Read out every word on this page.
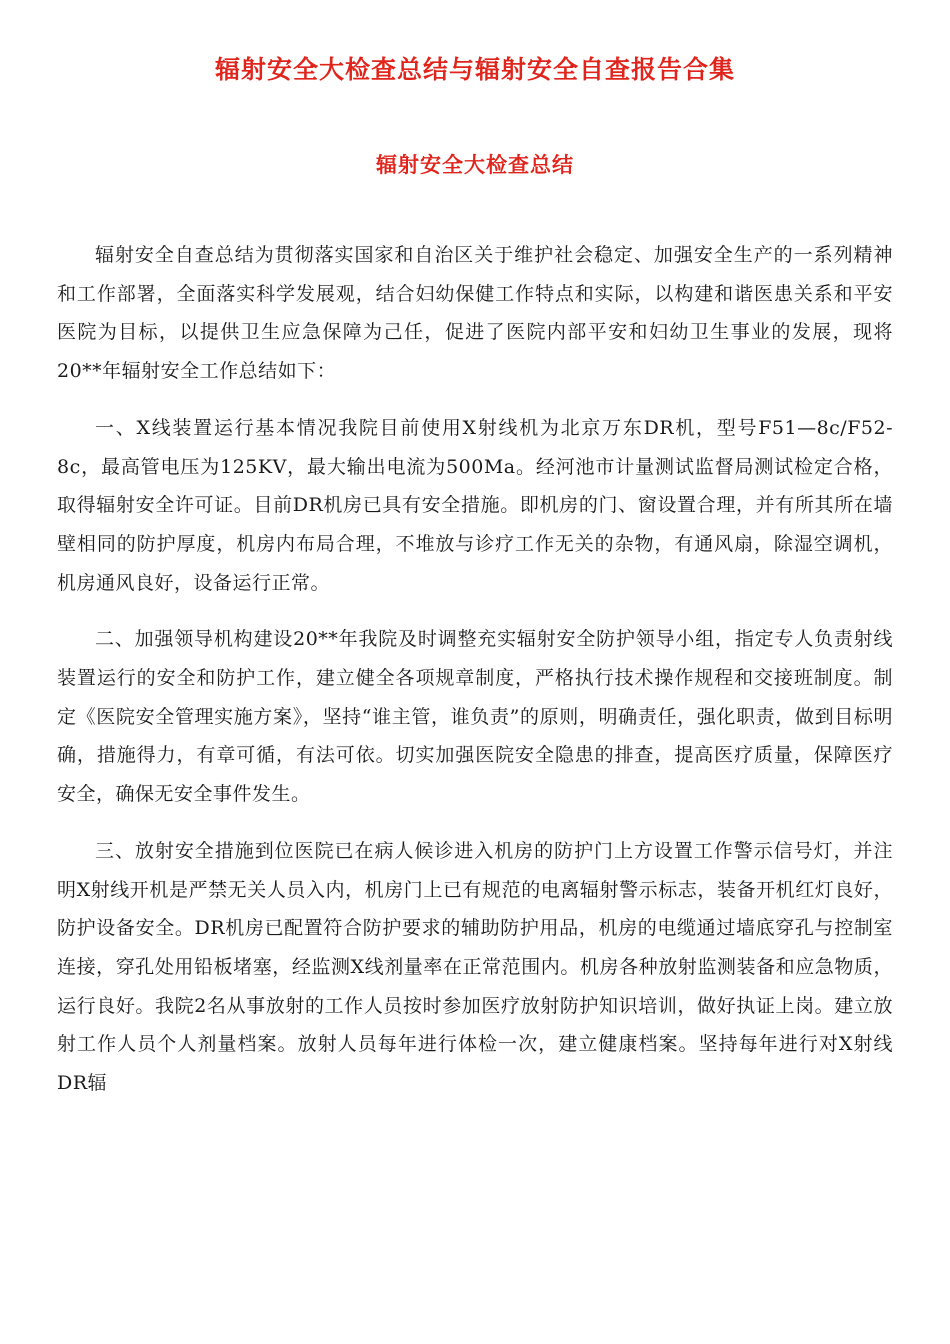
辐射安全大检查总结与辐射安全自查报告合集
辐射安全大检查总结

辐射安全自查总结为贯彻落实国家和自治区关于维护社会稳定、加强安全生产的一系列精神和工作部署，全面落实科学发展观，结合妇幼保健工作特点和实际，以构建和谐医患关系和平安医院为目标，以提供卫生应急保障为己任，促进了医院内部平安和妇幼卫生事业的发展，现将20**年辐射安全工作总结如下：

一、X线装置运行基本情况我院目前使用X射线机为北京万东DR机，型号F51—8c/F52-8c，最高管电压为125KV，最大输出电流为500Ma。经河池市计量测试监督局测试检定合格，取得辐射安全许可证。目前DR机房已具有安全措施。即机房的门、窗设置合理，并有所其所在墙壁相同的防护厚度，机房内布局合理，不堆放与诊疗工作无关的杂物，有通风扇，除湿空调机，机房通风良好，设备运行正常。

二、加强领导机构建设20**年我院及时调整充实辐射安全防护领导小组，指定专人负责射线装置运行的安全和防护工作，建立健全各项规章制度，严格执行技术操作规程和交接班制度。制定《医院安全管理实施方案》，坚持“谁主管，谁负责”的原则，明确责任，强化职责，做到目标明确，措施得力，有章可循，有法可依。切实加强医院安全隐患的排查，提高医疗质量，保障医疗安全，确保无安全事件发生。

三、放射安全措施到位医院已在病人候诊进入机房的防护门上方设置工作警示信号灯，并注明X射线开机是严禁无关人员入内，机房门上已有规范的电离辐射警示标志，装备开机红灯良好，防护设备安全。DR机房已配置符合防护要求的辅助防护用品，机房的电缆通过墙底穿孔与控制室连接，穿孔处用铅板堵塞，经监测X线剂量率在正常范围内。机房各种放射监测装备和应急物质，运行良好。我院2名从事放射的工作人员按时参加医疗放射防护知识培训，做好执证上岗。建立放射工作人员个人剂量档案。放射人员每年进行体检一次，建立健康档案。坚持每年进行对X射线DR辐
